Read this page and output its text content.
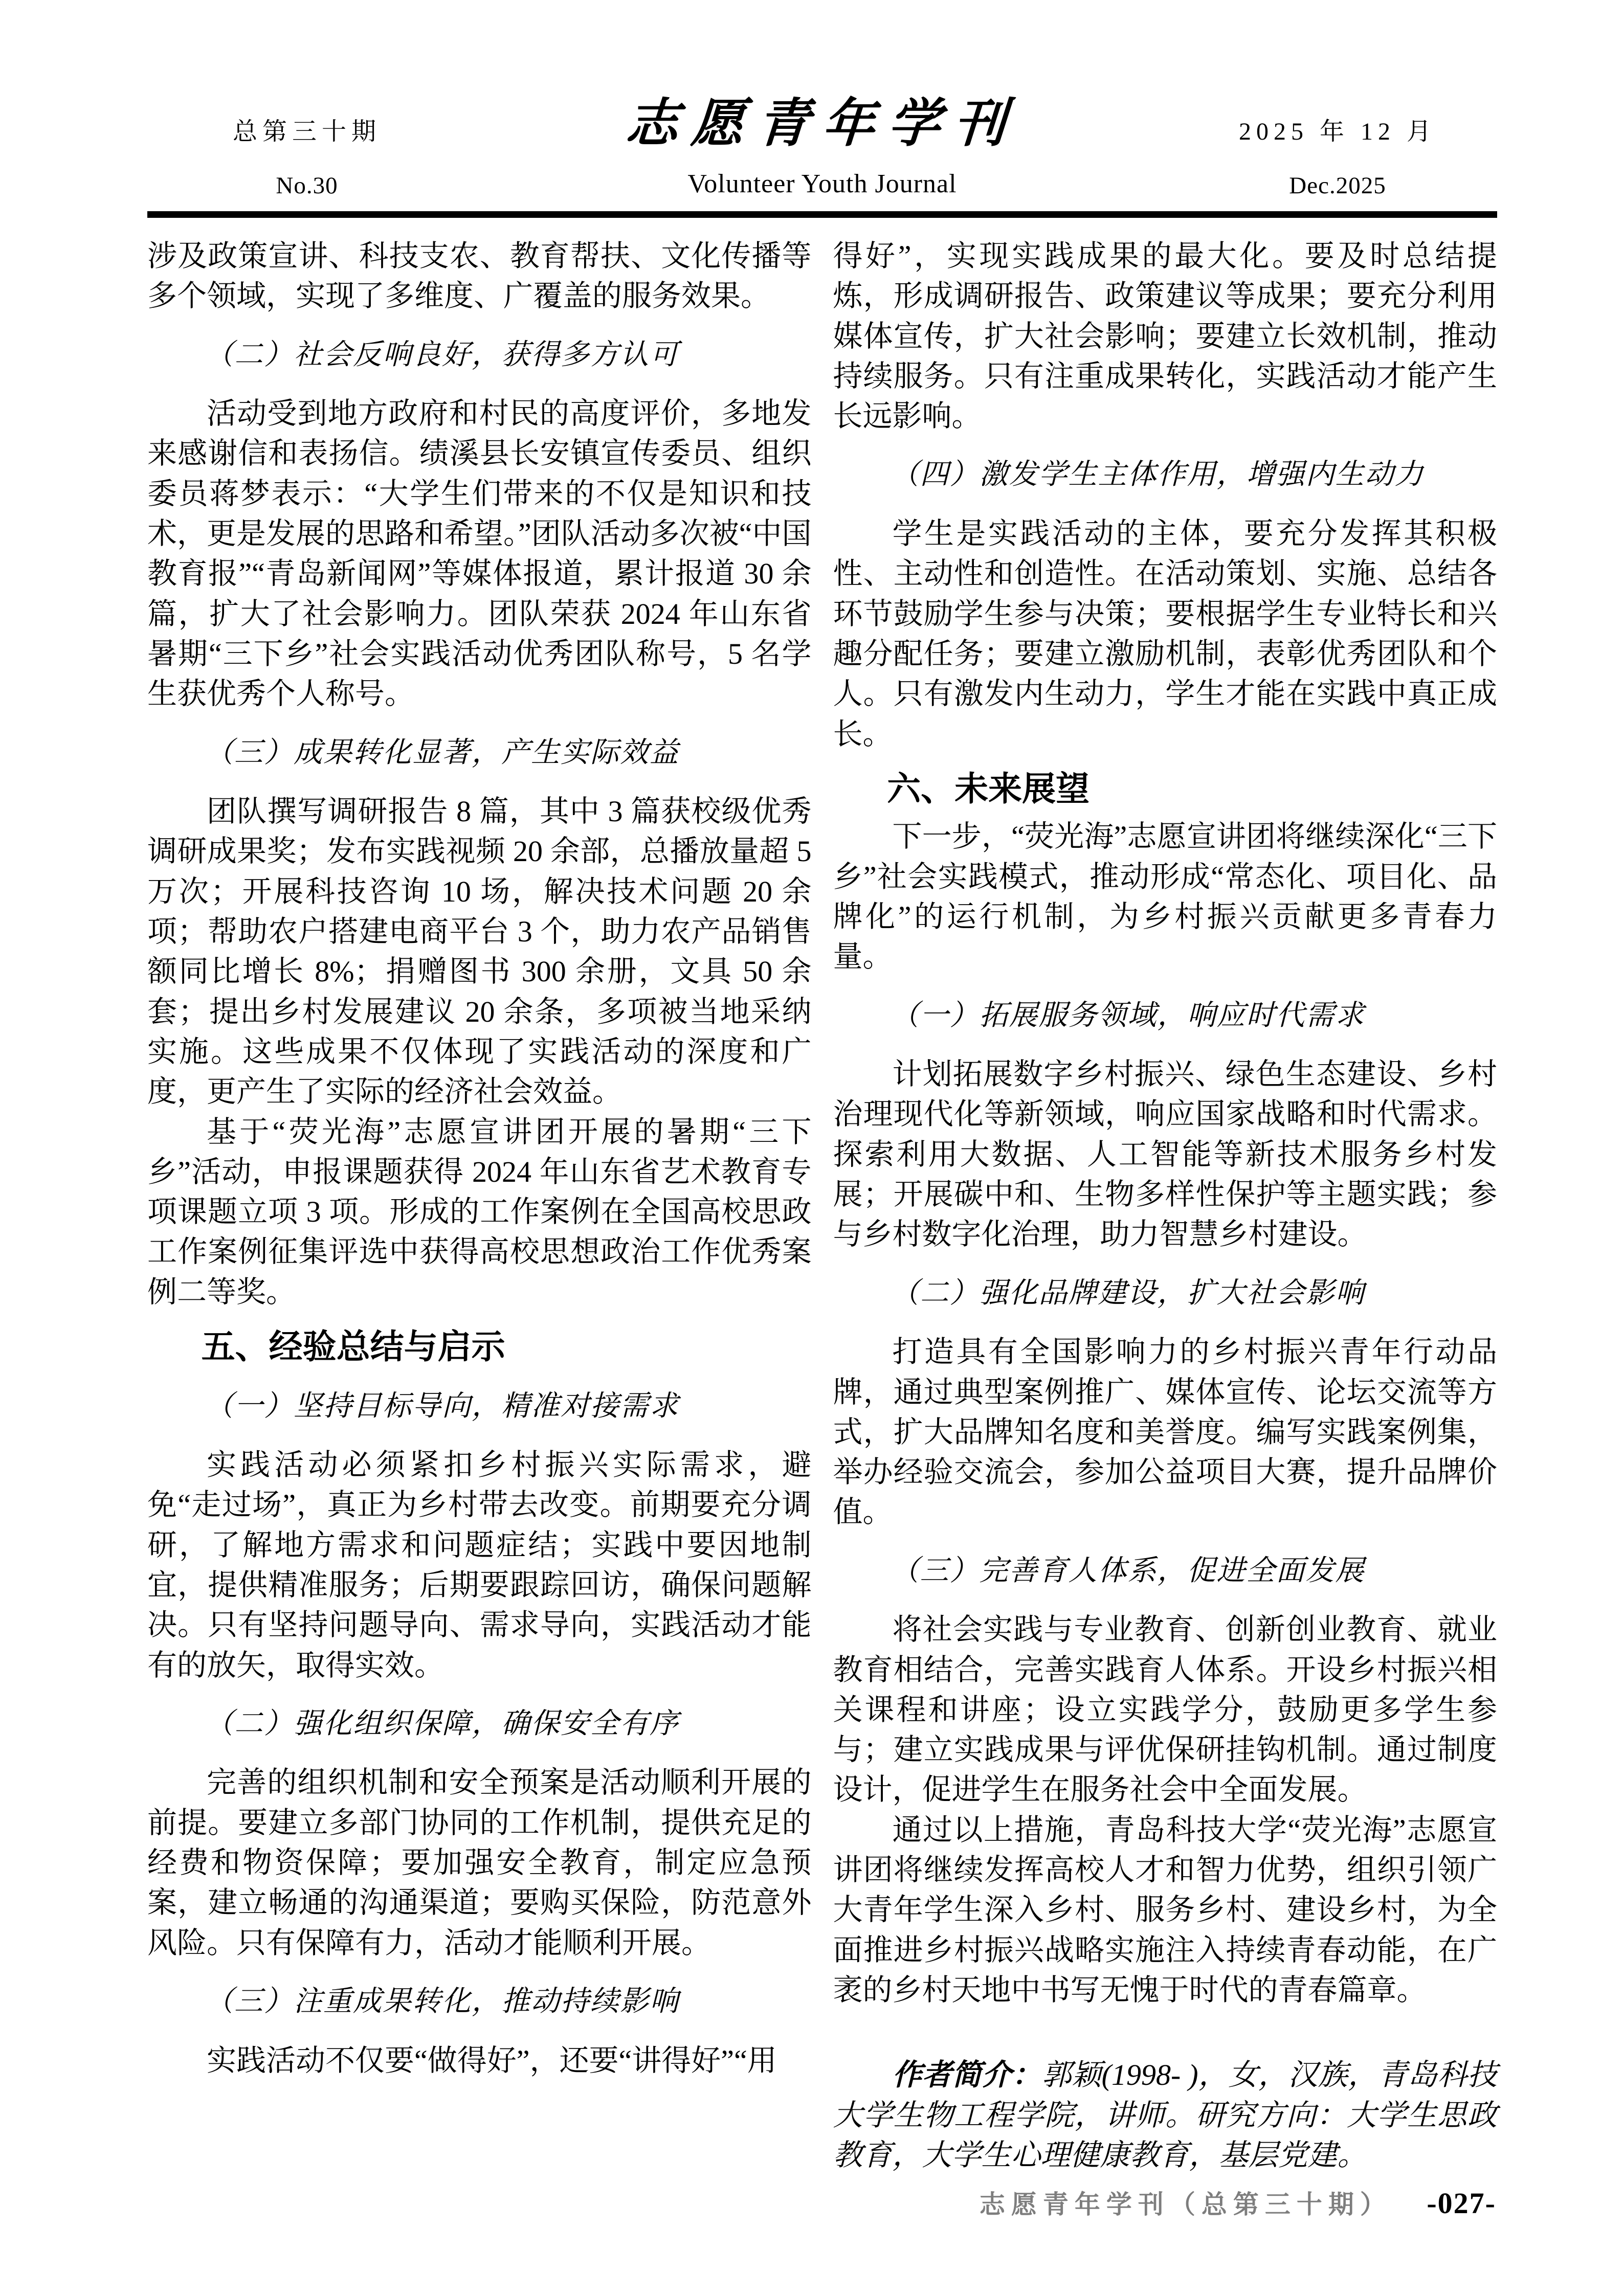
总第三十期
No.30
志愿青年学刊
Volunteer Youth Journal
2025 年 12 月
Dec.2025
涉及政策宣讲、科技支农、教育帮扶、文化传播等多个领域，实现了多维度、广覆盖的服务效果。
（二）社会反响良好，获得多方认可
活动受到地方政府和村民的高度评价，多地发来感谢信和表扬信。绩溪县长安镇宣传委员、组织委员蒋梦表示：“大学生们带来的不仅是知识和技术，更是发展的思路和希望。”团队活动多次被“中国教育报”“青岛新闻网”等媒体报道，累计报道 30 余篇，扩大了社会影响力。团队荣获 2024 年山东省暑期“三下乡”社会实践活动优秀团队称号，5 名学生获优秀个人称号。
（三）成果转化显著，产生实际效益
团队撰写调研报告 8 篇，其中 3 篇获校级优秀调研成果奖；发布实践视频 20 余部，总播放量超 5 万次；开展科技咨询 10 场，解决技术问题 20 余项；帮助农户搭建电商平台 3 个，助力农产品销售额同比增长 8%；捐赠图书 300 余册，文具 50 余套；提出乡村发展建议 20 余条，多项被当地采纳实施。这些成果不仅体现了实践活动的深度和广度，更产生了实际的经济社会效益。
基于“荧光海”志愿宣讲团开展的暑期“三下乡”活动，申报课题获得 2024 年山东省艺术教育专项课题立项 3 项。形成的工作案例在全国高校思政工作案例征集评选中获得高校思想政治工作优秀案例二等奖。
五、经验总结与启示
（一）坚持目标导向，精准对接需求
实践活动必须紧扣乡村振兴实际需求，避免“走过场”，真正为乡村带去改变。前期要充分调研，了解地方需求和问题症结；实践中要因地制宜，提供精准服务；后期要跟踪回访，确保问题解决。只有坚持问题导向、需求导向，实践活动才能有的放矢，取得实效。
（二）强化组织保障，确保安全有序
完善的组织机制和安全预案是活动顺利开展的前提。要建立多部门协同的工作机制，提供充足的经费和物资保障；要加强安全教育，制定应急预案，建立畅通的沟通渠道；要购买保险，防范意外风险。只有保障有力，活动才能顺利开展。
（三）注重成果转化，推动持续影响
实践活动不仅要“做得好”，还要“讲得好”“用
得好”，实现实践成果的最大化。要及时总结提炼，形成调研报告、政策建议等成果；要充分利用媒体宣传，扩大社会影响；要建立长效机制，推动持续服务。只有注重成果转化，实践活动才能产生长远影响。
（四）激发学生主体作用，增强内生动力
学生是实践活动的主体，要充分发挥其积极性、主动性和创造性。在活动策划、实施、总结各环节鼓励学生参与决策；要根据学生专业特长和兴趣分配任务；要建立激励机制，表彰优秀团队和个人。只有激发内生动力，学生才能在实践中真正成长。
六、未来展望
下一步，“荧光海”志愿宣讲团将继续深化“三下乡”社会实践模式，推动形成“常态化、项目化、品牌化”的运行机制，为乡村振兴贡献更多青春力量。
（一）拓展服务领域，响应时代需求
计划拓展数字乡村振兴、绿色生态建设、乡村治理现代化等新领域，响应国家战略和时代需求。探索利用大数据、人工智能等新技术服务乡村发展；开展碳中和、生物多样性保护等主题实践；参与乡村数字化治理，助力智慧乡村建设。
（二）强化品牌建设，扩大社会影响
打造具有全国影响力的乡村振兴青年行动品牌，通过典型案例推广、媒体宣传、论坛交流等方式，扩大品牌知名度和美誉度。编写实践案例集，举办经验交流会，参加公益项目大赛，提升品牌价值。
（三）完善育人体系，促进全面发展
将社会实践与专业教育、创新创业教育、就业教育相结合，完善实践育人体系。开设乡村振兴相关课程和讲座；设立实践学分，鼓励更多学生参与；建立实践成果与评优保研挂钩机制。通过制度设计，促进学生在服务社会中全面发展。
通过以上措施，青岛科技大学“荧光海”志愿宣讲团将继续发挥高校人才和智力优势，组织引领广大青年学生深入乡村、服务乡村、建设乡村，为全面推进乡村振兴战略实施注入持续青春动能，在广袤的乡村天地中书写无愧于时代的青春篇章。
作者简介：郭颖(1998- )，女，汉族，青岛科技大学生物工程学院，讲师。研究方向：大学生思政教育，大学生心理健康教育，基层党建。
志愿青年学刊（总第三十期） -027-
